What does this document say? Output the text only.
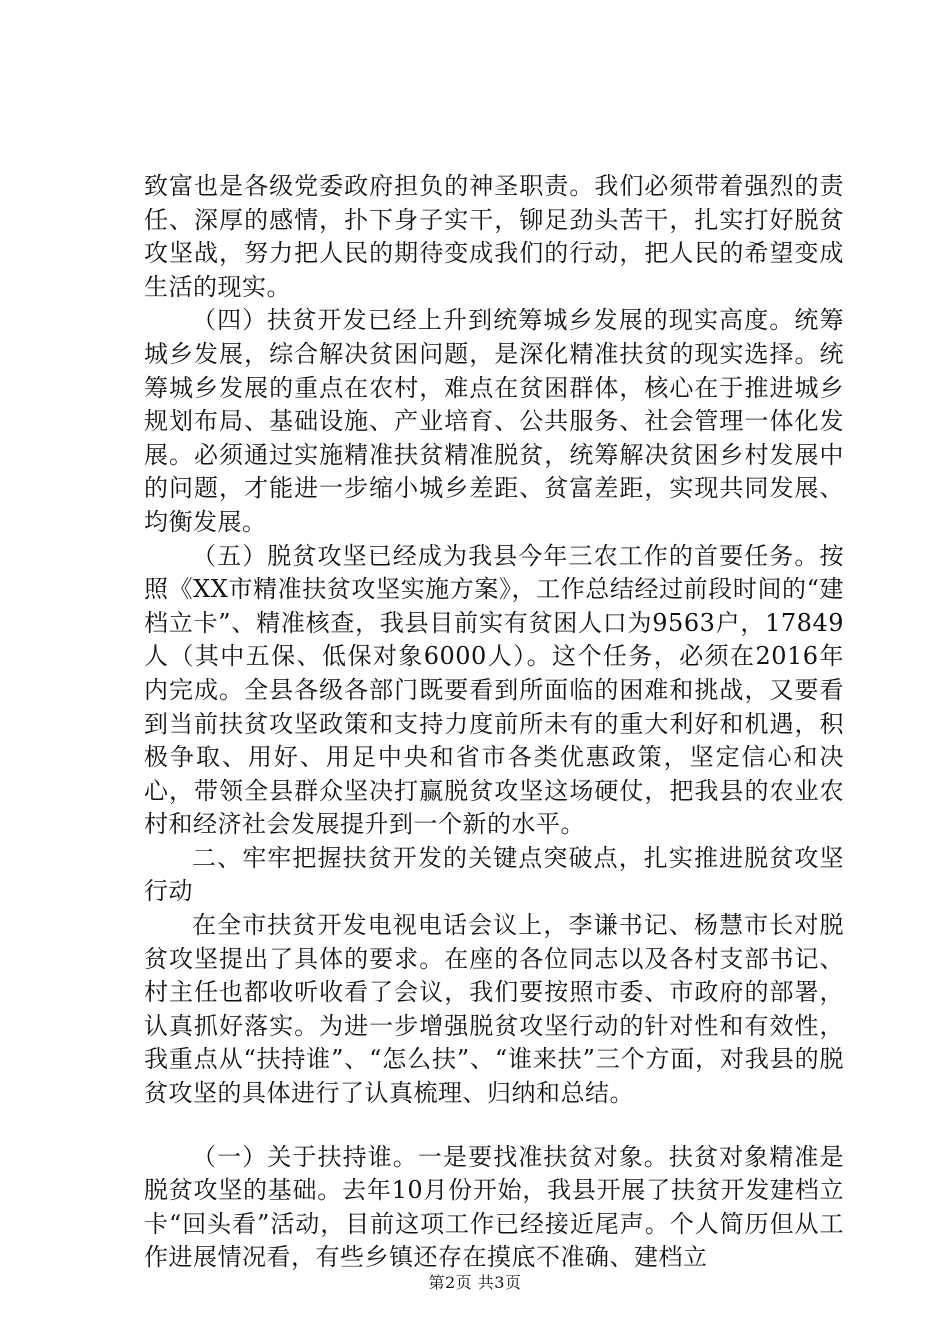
致富也是各级党委政府担负的神圣职责。我们必须带着强烈的责任、深厚的感情，扑下身子实干，铆足劲头苦干，扎实打好脱贫攻坚战，努力把人民的期待变成我们的行动，把人民的希望变成生活的现实。

（四）扶贫开发已经上升到统筹城乡发展的现实高度。统筹城乡发展，综合解决贫困问题，是深化精准扶贫的现实选择。统筹城乡发展的重点在农村，难点在贫困群体，核心在于推进城乡规划布局、基础设施、产业培育、公共服务、社会管理一体化发展。必须通过实施精准扶贫精准脱贫，统筹解决贫困乡村发展中的问题，才能进一步缩小城乡差距、贫富差距，实现共同发展、均衡发展。

（五）脱贫攻坚已经成为我县今年三农工作的首要任务。按照《XX市精准扶贫攻坚实施方案》，工作总结经过前段时间的“建档立卡”、精准核查，我县目前实有贫困人口为9563户，17849人（其中五保、低保对象6000人）。这个任务，必须在2016年内完成。全县各级各部门既要看到所面临的困难和挑战，又要看到当前扶贫攻坚政策和支持力度前所未有的重大利好和机遇，积极争取、用好、用足中央和省市各类优惠政策，坚定信心和决心，带领全县群众坚决打赢脱贫攻坚这场硬仗，把我县的农业农村和经济社会发展提升到一个新的水平。

二、牢牢把握扶贫开发的关键点突破点，扎实推进脱贫攻坚行动

在全市扶贫开发电视电话会议上，李谦书记、杨慧市长对脱贫攻坚提出了具体的要求。在座的各位同志以及各村支部书记、村主任也都收听收看了会议，我们要按照市委、市政府的部署，认真抓好落实。为进一步增强脱贫攻坚行动的针对性和有效性，我重点从“扶持谁”、“怎么扶”、“谁来扶”三个方面，对我县的脱贫攻坚的具体进行了认真梳理、归纳和总结。

（一）关于扶持谁。一是要找准扶贫对象。扶贫对象精准是脱贫攻坚的基础。去年10月份开始，我县开展了扶贫开发建档立卡“回头看”活动，目前这项工作已经接近尾声。个人简历但从工作进展情况看，有些乡镇还存在摸底不准确、建档立

第2页 共3页
